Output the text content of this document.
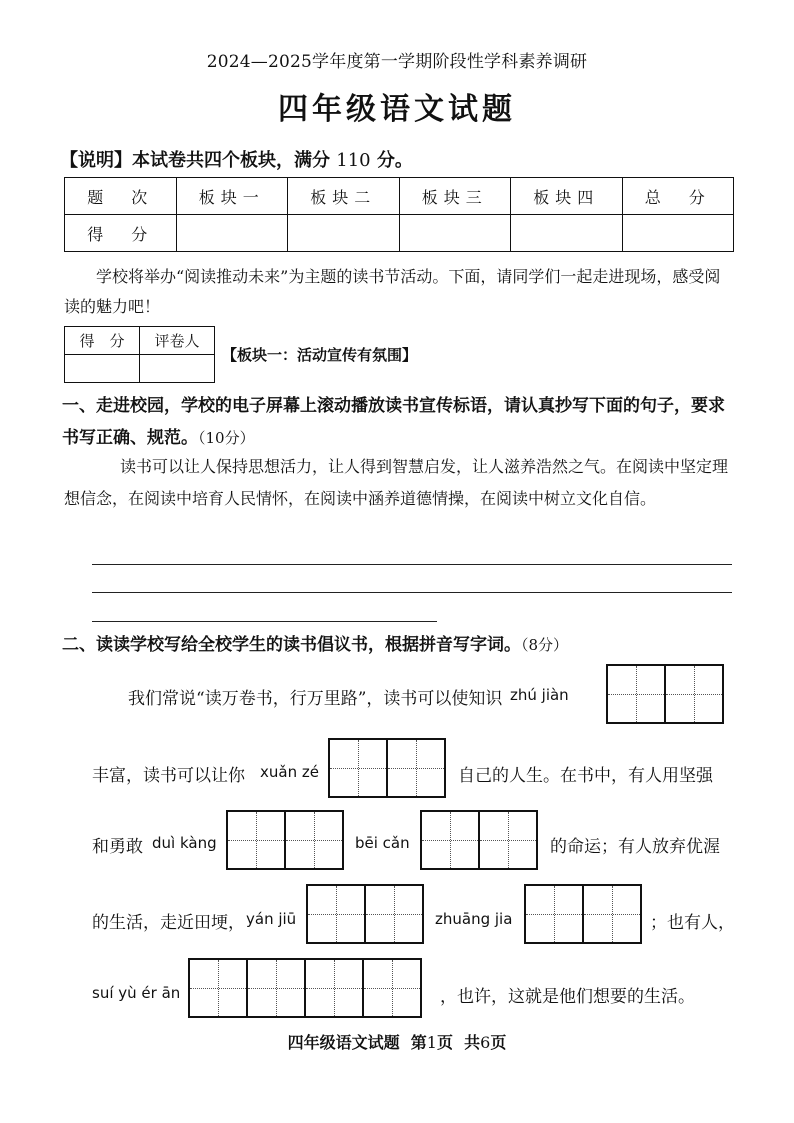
2024—2025学年度第一学期阶段性学科素养调研
四年级语文试题
【说明】本试卷共四个板块，满分 110 分。
题　次	板块一	板块二	板块三	板块四	总　分
得　分					
学校将举办“阅读推动未来”为主题的读书节活动。下面，请同学们一起走进现场，感受阅读的魅力吧！
得　分	评卷人

【板块一：活动宣传有氛围】
一、走进校园，学校的电子屏幕上滚动播放读书宣传标语，请认真抄写下面的句子，要求书写正确、规范。（10分）
读书可以让人保持思想活力，让人得到智慧启发，让人滋养浩然之气。在阅读中坚定理想信念，在阅读中培育人民情怀，在阅读中涵养道德情操，在阅读中树立文化自信。
二、读读学校写给全校学生的读书倡议书，根据拼音写字词。（8分）
我们常说“读万卷书，行万里路”，读书可以使知识 zhú jiàn
丰富，读书可以让你 xuǎn zé	自己的人生。在书中，有人用坚强
和勇敢 duì kàng	bēi cǎn	的命运；有人放弃优渥
的生活，走近田埂， yán jiū	zhuāng jia	；也有人，
suí yù ér ān	，也许，这就是他们想要的生活。
四年级语文试题 第1页 共6页
